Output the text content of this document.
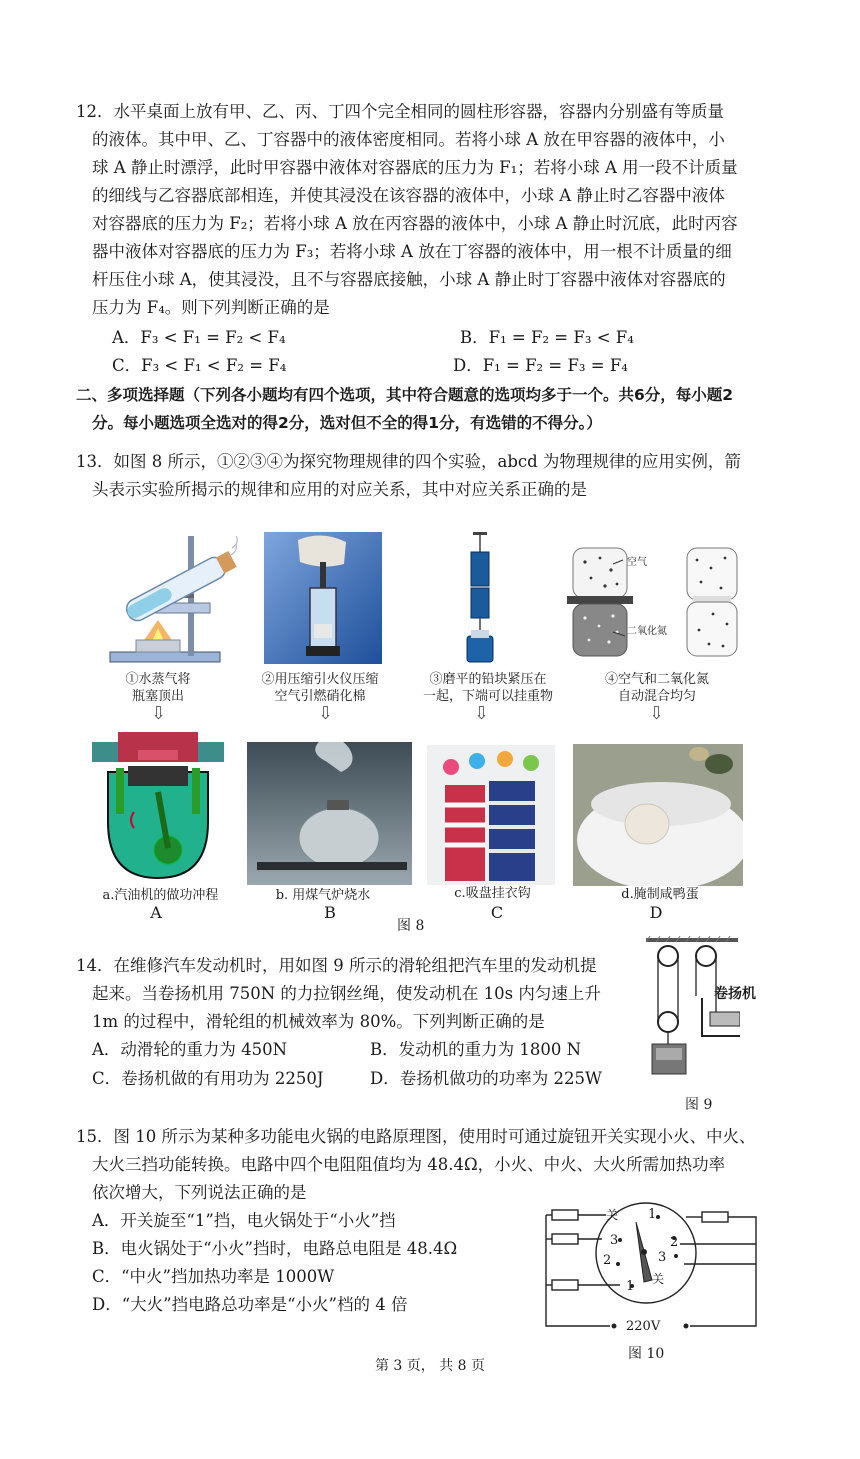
12．水平桌面上放有甲、乙、丙、丁四个完全相同的圆柱形容器，容器内分别盛有等质量
的液体。其中甲、乙、丁容器中的液体密度相同。若将小球 A 放在甲容器的液体中，小
球 A 静止时漂浮，此时甲容器中液体对容器底的压力为 F₁；若将小球 A 用一段不计质量
的细线与乙容器底部相连，并使其浸没在该容器的液体中，小球 A 静止时乙容器中液体
对容器底的压力为 F₂；若将小球 A 放在丙容器的液体中，小球 A 静止时沉底，此时丙容
器中液体对容器底的压力为 F₃；若将小球 A 放在丁容器的液体中，用一根不计质量的细
杆压住小球 A，使其浸没，且不与容器底接触，小球 A 静止时丁容器中液体对容器底的
压力为 F₄。则下列判断正确的是
A．F₃ < F₁ = F₂ < F₄	B．F₁ = F₂ = F₃ < F₄
C．F₃ < F₁ < F₂ = F₄	D．F₁ = F₂ = F₃ = F₄
二、多项选择题（下列各小题均有四个选项，其中符合题意的选项均多于一个。共6分，每小题2
分。每小题选项全选对的得2分，选对但不全的得1分，有选错的不得分。）
13．如图 8 所示，①②③④为探究物理规律的四个实验，abcd 为物理规律的应用实例，箭
头表示实验所揭示的规律和应用的对应关系，其中对应关系正确的是
空气
二氧化氮
①水蒸气将
瓶塞顶出
②用压缩引火仪压缩
空气引燃硝化棉
③磨平的铅块紧压在
一起，下端可以挂重物
④空气和二氧化氮
自动混合均匀
⇩	⇩	⇩	⇩
a.汽油机的做功冲程	b. 用煤气炉烧水	c.吸盘挂衣钩	d.腌制咸鸭蛋
A	B	C	D
图 8
14．在维修汽车发动机时，用如图 9 所示的滑轮组把汽车里的发动机提
起来。当卷扬机用 750N 的力拉钢丝绳，使发动机在 10s 内匀速上升
1m 的过程中，滑轮组的机械效率为 80%。下列判断正确的是
A．动滑轮的重力为 450N	B．发动机的重力为 1800 N
C．卷扬机做的有用功为 2250J	D．卷扬机做功的功率为 225W
卷扬机
图 9
15．图 10 所示为某种多功能电火锅的电路原理图，使用时可通过旋钮开关实现小火、中火、
大火三挡功能转换。电路中四个电阻阻值均为 48.4Ω，小火、中火、大火所需加热功率
依次增大，下列说法正确的是
A．开关旋至“1”挡，电火锅处于“小火”挡
B．电火锅处于“小火”挡时，电路总电阻是 48.4Ω
C．“中火”挡加热功率是 1000W
D．“大火”挡电路总功率是“小火”档的 4 倍
关
关
1
1
2
2
3
3
220V
图 10
第 3 页， 共 8 页
